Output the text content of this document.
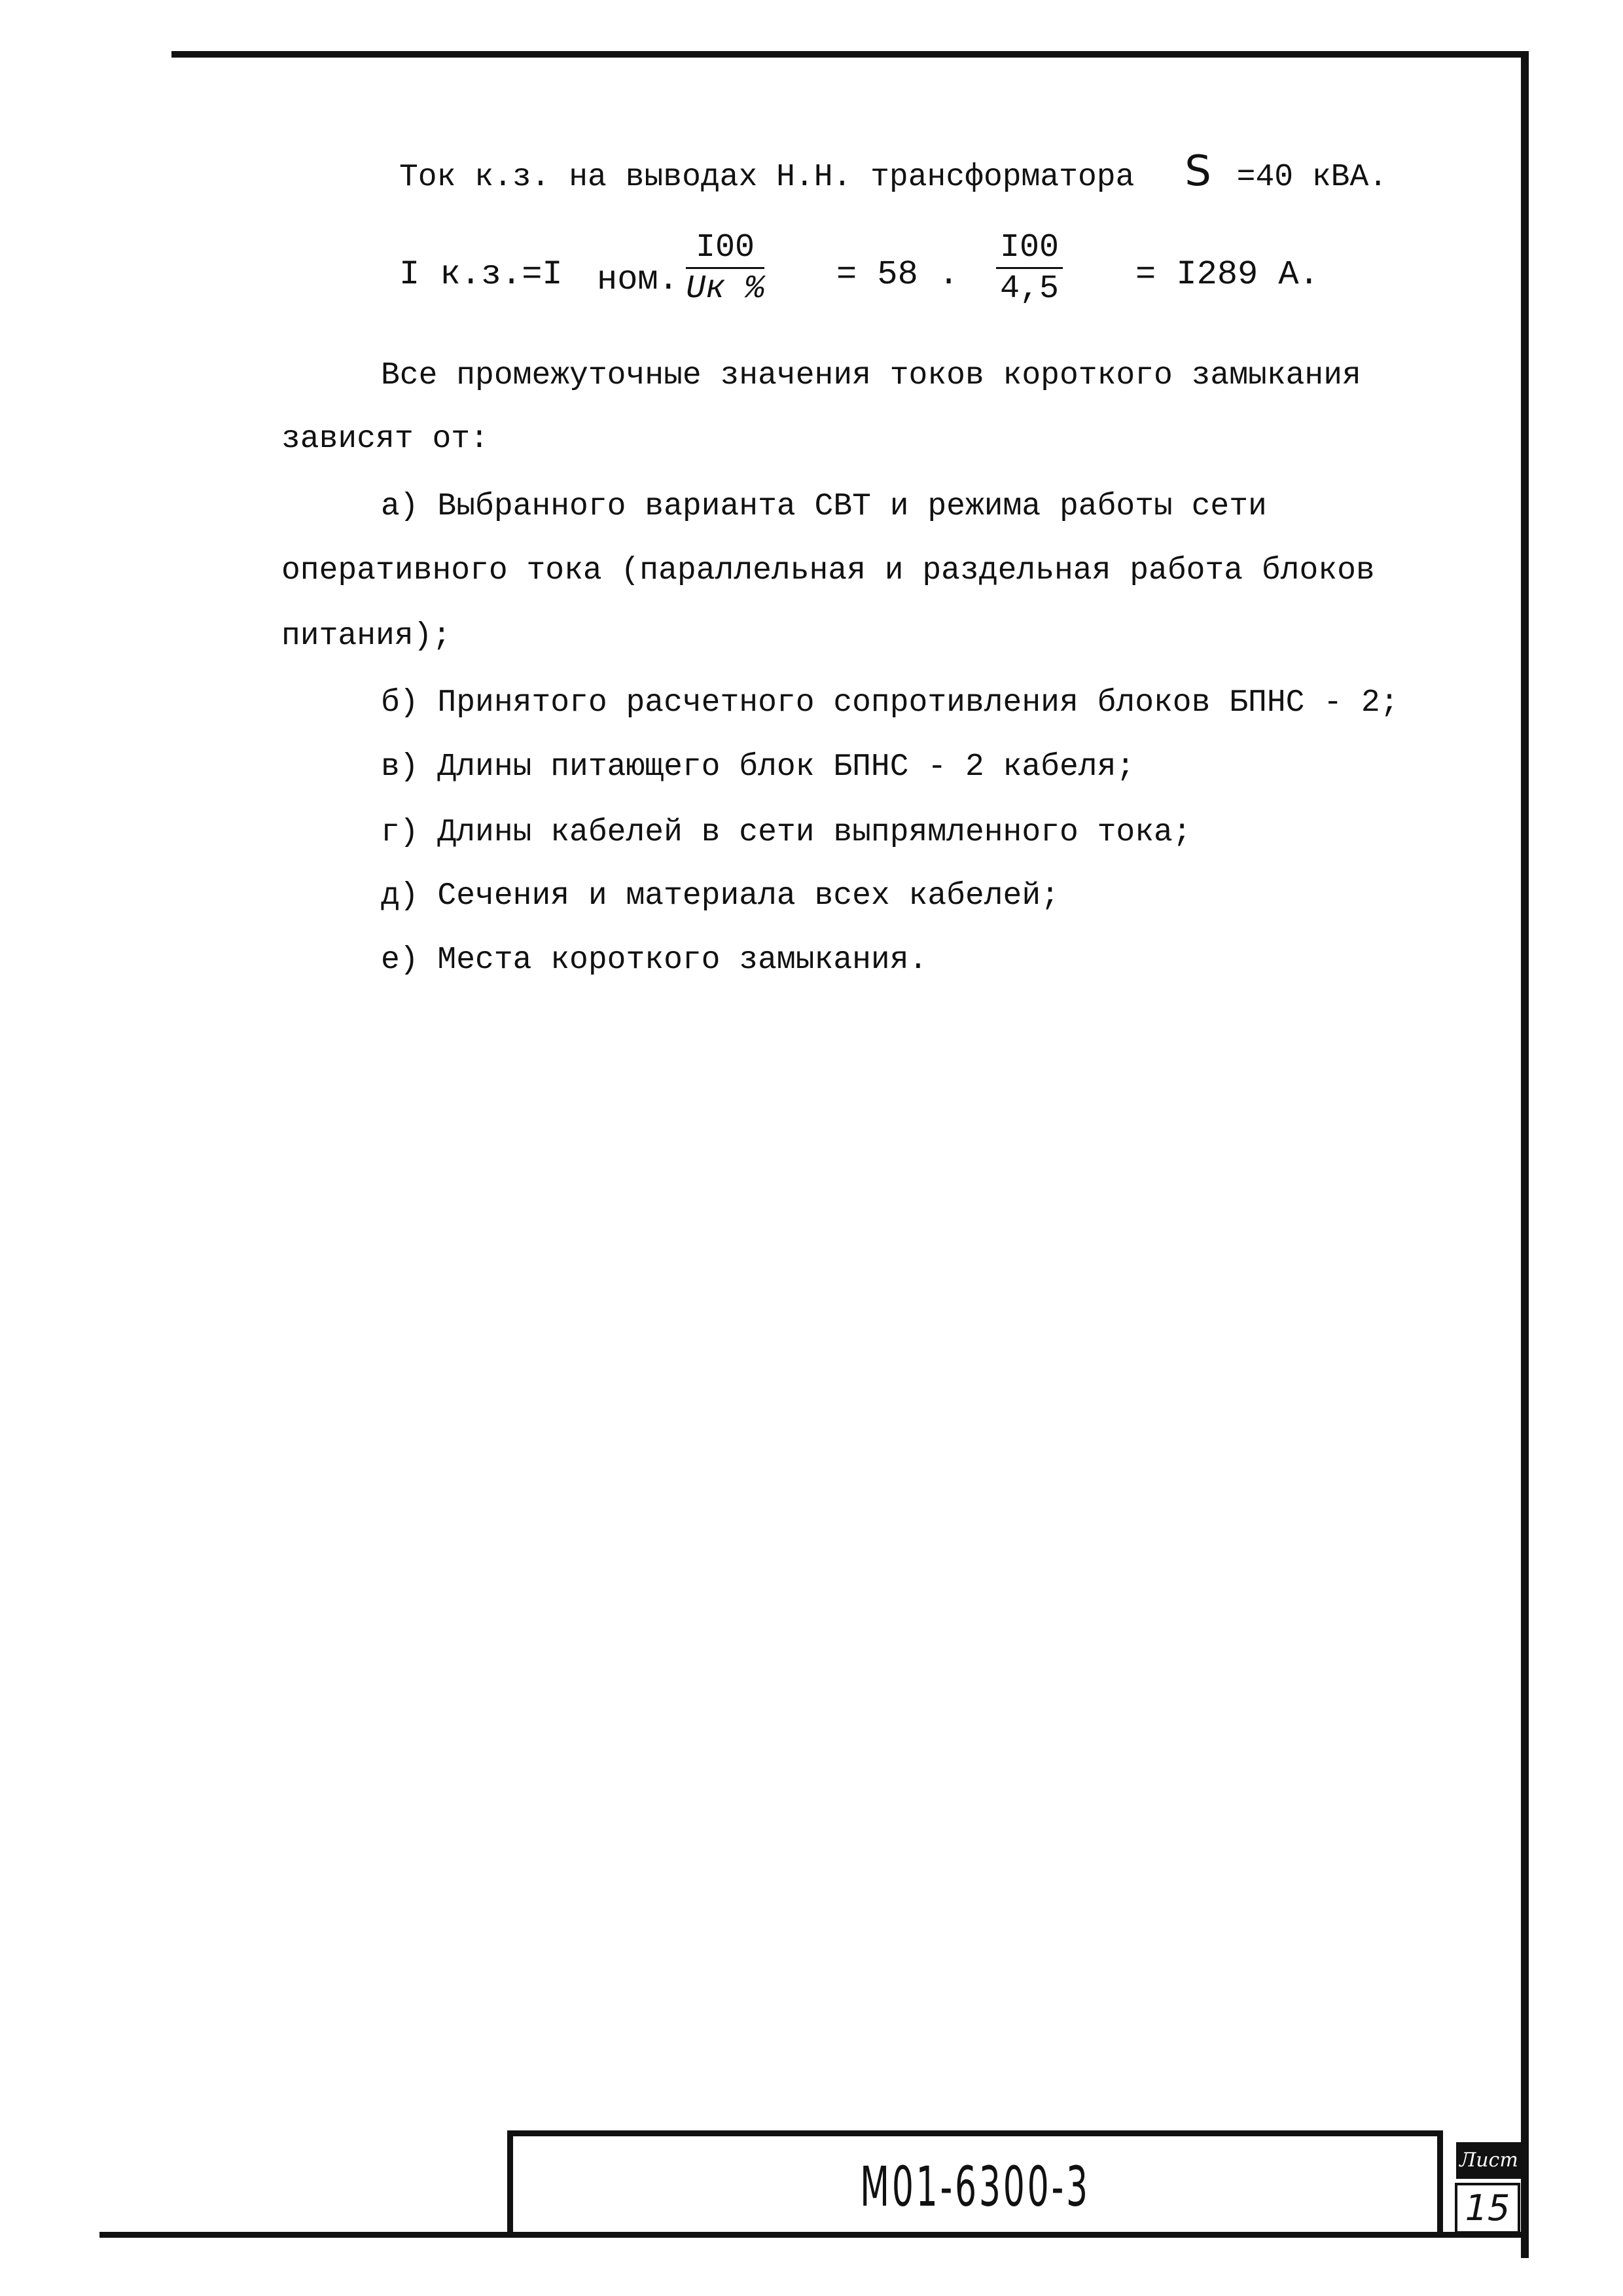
Ток к.з. на выводах Н.Н. трансформатора S =40 кВА.
I к.з.=I ном.
I00
Uк % = 58 . $\frac{I00}{4,5} = I289$ А.
Все промежуточные значения токов короткого замыкания
зависят от:
а) Выбранного варианта СВТ и режима работы сети
оперативного тока (параллельная и раздельная работа блоков
питания);
б) Принятого расчетного сопротивления блоков БПНС - 2;
в) Длины питающего блок БПНС - 2 кабеля;
г) Длины кабелей в сети выпрямленного тока;
д) Сечения и материала всех кабелей;
е) Места короткого замыкания.
М01-6300-3	Лист
15
